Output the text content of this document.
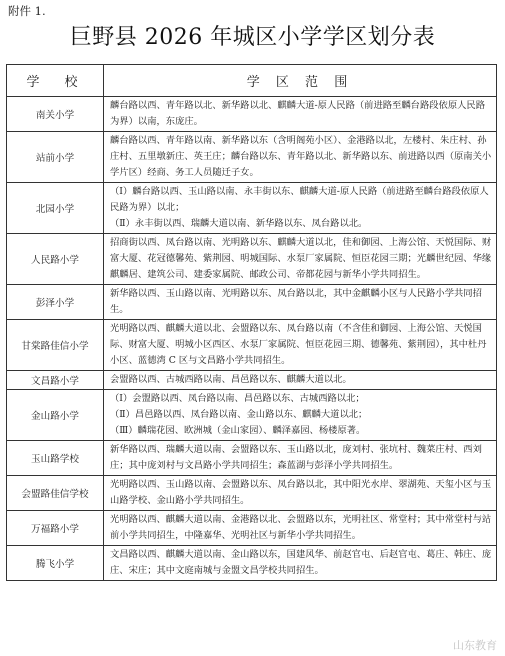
附件 1.
巨野县 2026 年城区小学学区划分表
学　校	学 区 范 围
南关小学	麟台路以西、青年路以北、新华路以北、麒麟大道-原人民路（前进路至麟台路段依原人民路为界）以南，东庞庄。

站前小学	麟台路以西、青年路以南、新华路以东（含明阁苑小区）、金港路以北，左楼村、朱庄村、孙庄村、五里墩新庄、英王庄；麟台路以东、青年路以北、新华路以东、前进路以西（原南关小学片区）经商、务工人员随迁子女。

北园小学	（Ⅰ）麟台路以西、玉山路以南、永丰街以东、麒麟大道-原人民路（前进路至麟台路段依原人民路为界）以北；
（Ⅱ）永丰街以西、瑞麟大道以南、新华路以东、凤台路以北。

人民路小学	招商街以西、凤台路以南、光明路以东、麒麟大道以北，佳和御园、上海公馆、天悦国际、财富大厦、花冠德馨苑、紫荆园、明城国际、水泵厂家属院、恒臣花园三期；光麟世纪园、华缘麒麟居、建筑公司、建委家属院、邮政公司、帝都花园与新华小学共同招生。

彭泽小学	新华路以西、玉山路以南、光明路以东、凤台路以北，其中金麒麟小区与人民路小学共同招生。

甘棠路佳信小学	光明路以西、麒麟大道以北、会盟路以东、凤台路以南（不含佳和御园、上海公馆、天悦国际、财富大厦、明城小区西区、水泵厂家属院、恒臣花园三期、德馨苑、紫荆园），其中杜丹小区、蓝德湾 C 区与文昌路小学共同招生。

文昌路小学	会盟路以西、古城西路以南、昌邑路以东、麒麟大道以北。

金山路小学	（Ⅰ）会盟路以西、凤台路以南、昌邑路以东、古城西路以北；
（Ⅱ）昌邑路以西、凤台路以南、金山路以东、麒麟大道以北；
（Ⅲ）麟瑞花园、欧洲城（金山家园）、麟泽嘉园、杨楼原著。

玉山路学校	新华路以西、瑞麟大道以南、会盟路以东、玉山路以北，庞刘村、张坑村、魏菜庄村、西刘庄；其中庞刘村与文昌路小学共同招生；森蓝湖与彭泽小学共同招生。

会盟路佳信学校	光明路以西、玉山路以南、会盟路以东、凤台路以北，其中阳光水岸、翠湖苑、天玺小区与玉山路学校、金山路小学共同招生。

万福路小学	光明路以西、麒麟大道以南、金港路以北、会盟路以东，光明社区、常堂村；其中常堂村与站前小学共同招生，中隆嘉华、光明社区与新华小学共同招生。

腾飞小学	文昌路以西、麒麟大道以南、金山路以东，国建风华、前赵官屯、后赵官屯、葛庄、韩庄、庞庄、宋庄；其中文庭南城与金盟文昌学校共同招生。
山东教育
